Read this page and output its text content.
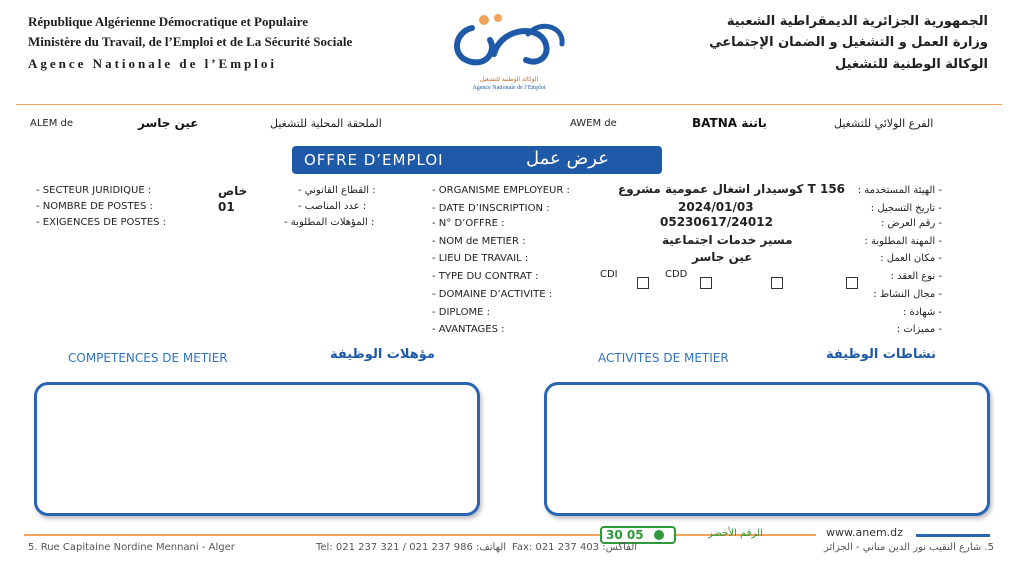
République Algérienne Démocratique et Populaire
Ministère du Travail, de l’Emploi et de La Sécurité Sociale
Agence Nationale de l’Emploi
الجمهورية الجزائرية الديمقراطية الشعبية
وزارة العمل و التشغيل و الضمان الإجتماعي
الوكالة الوطنية للتشغيل
الوكالة الوطنية للتشغيل
Agence Nationale de l’Emploi
ALEM de	عين جاسر	الملحقة المحلية للتشغيل	AWEM de	BATNA باتنة	الفرع الولائي للتشغيل
OFFRE D’EMPLOI	عرض عمل
- SECTEUR JURIDIQUE :	خاص	- القطاع القانوني :
- NOMBRE DE POSTES :	01	- عدد المناصب :
- EXIGENCES DE POSTES :	- المؤهلات المطلوبة :
- ORGANISME EMPLOYEUR :	كوسيدار اشغال عمومية مشروع T 156 - الهيئة المستخدمة :
- DATE D’INSCRIPTION :	2024/01/03	- تاريخ التسجيل :
- N° D’OFFRE :	05230617/24012	- رقم العرض :
- NOM de METIER :	مسير خدمات اجتماعية	- المهنة المطلوبة :
- LIEU DE TRAVAIL :	عين جاسر	- مكان العمل :
- TYPE DU CONTRAT :	CDI	CDD	- نوع العقد :
- DOMAINE D’ACTIVITE :	- مجال النشاط :
- DIPLOME :	- شهادة :
- AVANTAGES :	- مميزات :
COMPETENCES DE METIER	مؤهلات الوظيفة	ACTIVITES DE METIER	نشاطات الوظيفة
30 05	الرقم الأخضر	www.anem.dz
5. Rue Capitaine Nordine Mennani - Alger	Tel: 021 237 321 / 021 237 986 :الهاتف Fax: 021 237 403 :الفاكس	5. شارع النقيب نور الدين مناني - الجزائر
